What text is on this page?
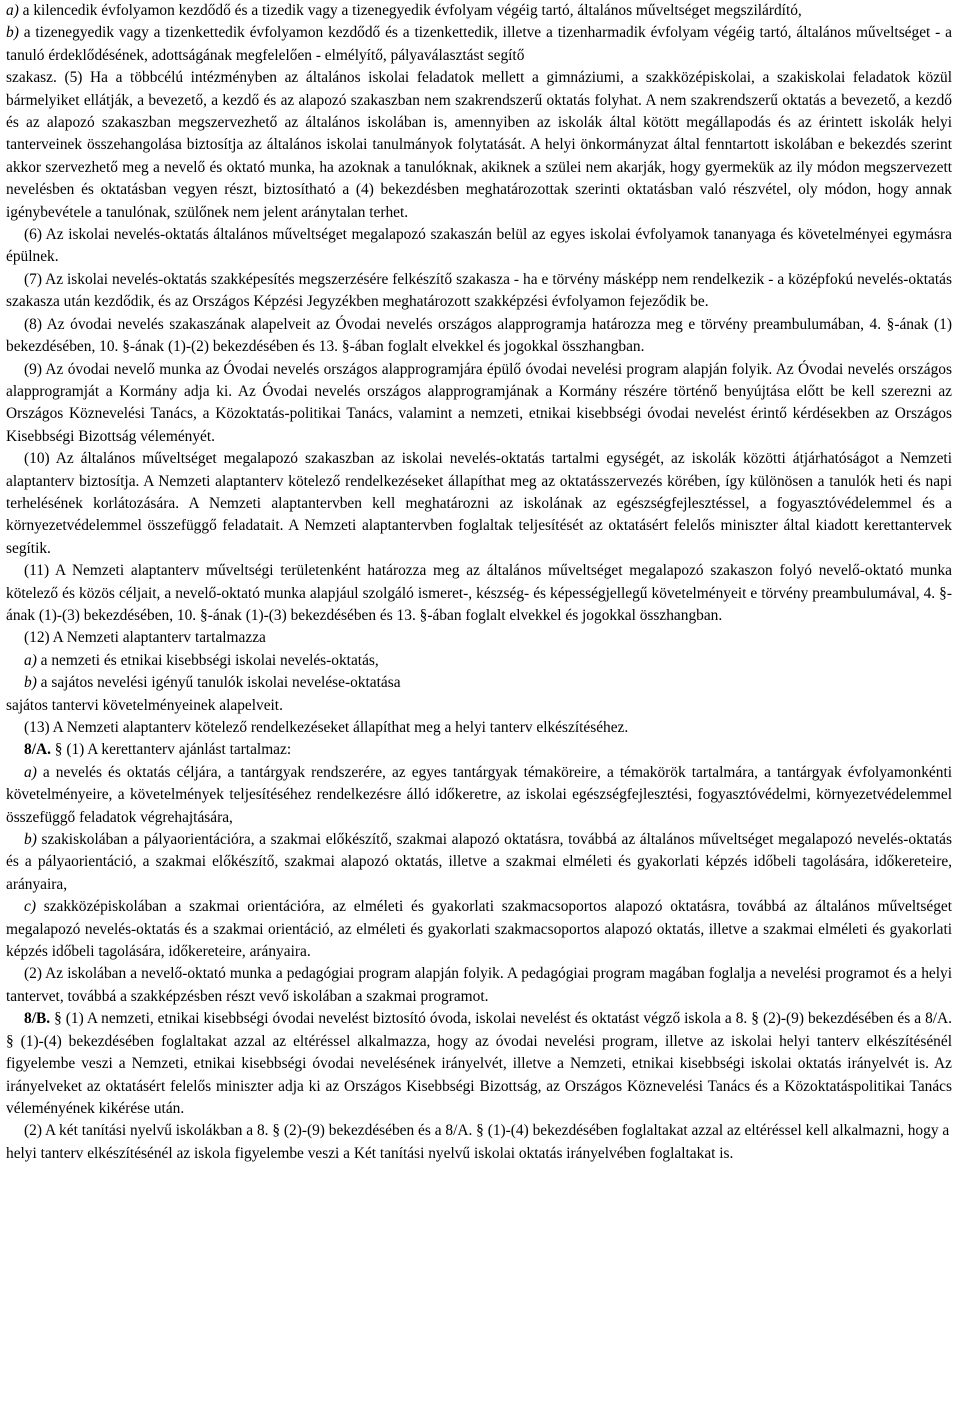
a) a kilencedik évfolyamon kezdődő és a tizedik vagy a tizenegyedik évfolyam végéig tartó, általános műveltséget megszilárdító,

b) a tizenegyedik vagy a tizenkettedik évfolyamon kezdődő és a tizenkettedik, illetve a tizenharmadik évfolyam végéig tartó, általános műveltséget - a tanuló érdeklődésének, adottságának megfelelően - elmélyítő, pályaválasztást segítő

szakasz. (5) Ha a többcélú intézményben az általános iskolai feladatok mellett a gimnáziumi, a szakközépiskolai, a szakiskolai feladatok közül bármelyiket ellátják, a bevezető, a kezdő és az alapozó szakaszban nem szakrendszerű oktatás folyhat. A nem szakrendszerű oktatás a bevezető, a kezdő és az alapozó szakaszban megszervezhető az általános iskolában is, amennyiben az iskolák által kötött megállapodás és az érintett iskolák helyi tanterveinek összehangolása biztosítja az általános iskolai tanulmányok folytatását. A helyi önkormányzat által fenntartott iskolában e bekezdés szerint akkor szervezhető meg a nevelő és oktató munka, ha azoknak a tanulóknak, akiknek a szülei nem akarják, hogy gyermekük az ily módon megszervezett nevelésben és oktatásban vegyen részt, biztosítható a (4) bekezdésben meghatározottak szerinti oktatásban való részvétel, oly módon, hogy annak igénybevétele a tanulónak, szülőnek nem jelent aránytalan terhet.

(6) Az iskolai nevelés-oktatás általános műveltséget megalapozó szakaszán belül az egyes iskolai évfolyamok tananyaga és követelményei egymásra épülnek.

(7) Az iskolai nevelés-oktatás szakképesítés megszerzésére felkészítő szakasza - ha e törvény másképp nem rendelkezik - a középfokú nevelés-oktatás szakasza után kezdődik, és az Országos Képzési Jegyzékben meghatározott szakképzési évfolyamon fejeződik be.

(8) Az óvodai nevelés szakaszának alapelveit az Óvodai nevelés országos alapprogramja határozza meg e törvény preambulumában, 4. §-ának (1) bekezdésében, 10. §-ának (1)-(2) bekezdésében és 13. §-ában foglalt elvekkel és jogokkal összhangban.

(9) Az óvodai nevelő munka az Óvodai nevelés országos alapprogramjára épülő óvodai nevelési program alapján folyik. Az Óvodai nevelés országos alapprogramját a Kormány adja ki. Az Óvodai nevelés országos alapprogramjának a Kormány részére történő benyújtása előtt be kell szerezni az Országos Köznevelési Tanács, a Közoktatás-politikai Tanács, valamint a nemzeti, etnikai kisebbségi óvodai nevelést érintő kérdésekben az Országos Kisebbségi Bizottság véleményét.

(10) Az általános műveltséget megalapozó szakaszban az iskolai nevelés-oktatás tartalmi egységét, az iskolák közötti átjárhatóságot a Nemzeti alaptanterv biztosítja. A Nemzeti alaptanterv kötelező rendelkezéseket állapíthat meg az oktatásszervezés körében, így különösen a tanulók heti és napi terhelésének korlátozására. A Nemzeti alaptantervben kell meghatározni az iskolának az egészségfejlesztéssel, a fogyasztóvédelemmel és a környezetvédelemmel összefüggő feladatait. A Nemzeti alaptantervben foglaltak teljesítését az oktatásért felelős miniszter által kiadott kerettantervek segítik.

(11) A Nemzeti alaptanterv műveltségi területenként határozza meg az általános műveltséget megalapozó szakaszon folyó nevelő-oktató munka kötelező és közös céljait, a nevelő-oktató munka alapjául szolgáló ismeret-, készség- és képességjellegű követelményeit e törvény preambulumával, 4. §-ának (1)-(3) bekezdésében, 10. §-ának (1)-(3) bekezdésében és 13. §-ában foglalt elvekkel és jogokkal összhangban.

(12) A Nemzeti alaptanterv tartalmazza

a) a nemzeti és etnikai kisebbségi iskolai nevelés-oktatás,

b) a sajátos nevelési igényű tanulók iskolai nevelése-oktatása

sajátos tantervi követelményeinek alapelveit.

(13) A Nemzeti alaptanterv kötelező rendelkezéseket állapíthat meg a helyi tanterv elkészítéséhez.

8/A. § (1) A kerettanterv ajánlást tartalmaz:

a) a nevelés és oktatás céljára, a tantárgyak rendszerére, az egyes tantárgyak témaköreire, a témakörök tartalmára, a tantárgyak évfolyamonkénti követelményeire, a követelmények teljesítéséhez rendelkezésre álló időkeretre, az iskolai egészségfejlesztési, fogyasztóvédelmi, környezetvédelemmel összefüggő feladatok végrehajtására,

b) szakiskolában a pályaorientációra, a szakmai előkészítő, szakmai alapozó oktatásra, továbbá az általános műveltséget megalapozó nevelés-oktatás és a pályaorientáció, a szakmai előkészítő, szakmai alapozó oktatás, illetve a szakmai elméleti és gyakorlati képzés időbeli tagolására, időkereteire, arányaira,

c) szakközépiskolában a szakmai orientációra, az elméleti és gyakorlati szakmacsoportos alapozó oktatásra, továbbá az általános műveltséget megalapozó nevelés-oktatás és a szakmai orientáció, az elméleti és gyakorlati szakmacsoportos alapozó oktatás, illetve a szakmai elméleti és gyakorlati képzés időbeli tagolására, időkereteire, arányaira.

(2) Az iskolában a nevelő-oktató munka a pedagógiai program alapján folyik. A pedagógiai program magában foglalja a nevelési programot és a helyi tantervet, továbbá a szakképzésben részt vevő iskolában a szakmai programot.

8/B. § (1) A nemzeti, etnikai kisebbségi óvodai nevelést biztosító óvoda, iskolai nevelést és oktatást végző iskola a 8. § (2)-(9) bekezdésében és a 8/A. § (1)-(4) bekezdésében foglaltakat azzal az eltéréssel alkalmazza, hogy az óvodai nevelési program, illetve az iskolai helyi tanterv elkészítésénél figyelembe veszi a Nemzeti, etnikai kisebbségi óvodai nevelésének irányelvét, illetve a Nemzeti, etnikai kisebbségi iskolai oktatás irányelvét is. Az irányelveket az oktatásért felelős miniszter adja ki az Országos Kisebbségi Bizottság, az Országos Köznevelési Tanács és a Közoktatáspolitikai Tanács véleményének kikérése után.

(2) A két tanítási nyelvű iskolákban a 8. § (2)-(9) bekezdésében és a 8/A. § (1)-(4) bekezdésében foglaltakat azzal az eltéréssel kell alkalmazni, hogy a helyi tanterv elkészítésénél az iskola figyelembe veszi a Két tanítási nyelvű iskolai oktatás irányelvében foglaltakat is.
